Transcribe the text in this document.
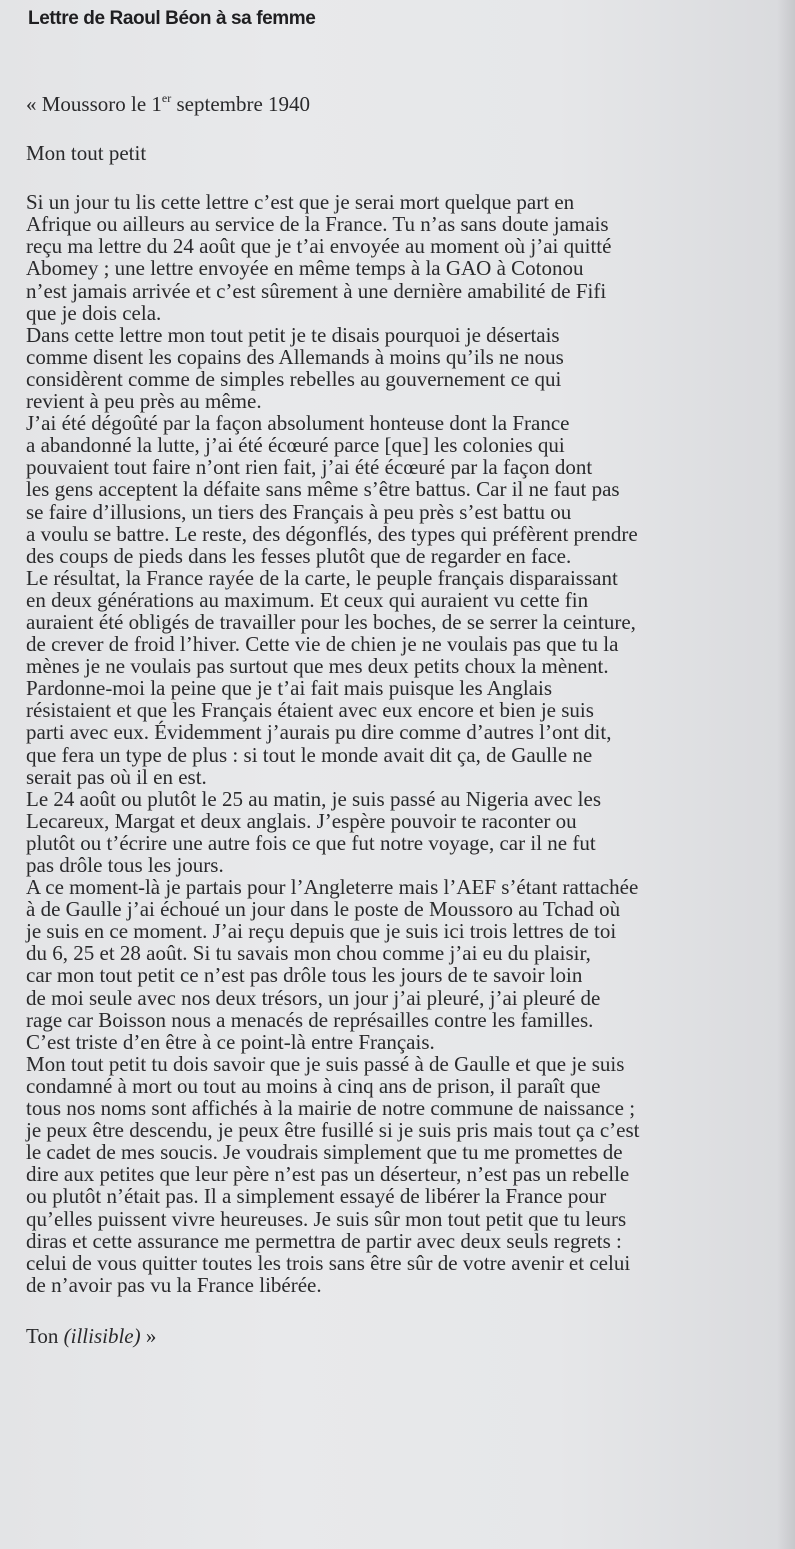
Lettre de Raoul Béon à sa femme
« Moussoro le 1er septembre 1940
Mon tout petit
Si un jour tu lis cette lettre c’est que je serai mort quelque part en
Afrique ou ailleurs au service de la France. Tu n’as sans doute jamais
reçu ma lettre du 24 août que je t’ai envoyée au moment où j’ai quitté
Abomey ; une lettre envoyée en même temps à la GAO à Cotonou
n’est jamais arrivée et c’est sûrement à une dernière amabilité de Fifi
que je dois cela.
Dans cette lettre mon tout petit je te disais pourquoi je désertais
comme disent les copains des Allemands à moins qu’ils ne nous
considèrent comme de simples rebelles au gouvernement ce qui
revient à peu près au même.
J’ai été dégoûté par la façon absolument honteuse dont la France
a abandonné la lutte, j’ai été écœuré parce [que] les colonies qui
pouvaient tout faire n’ont rien fait, j’ai été écœuré par la façon dont
les gens acceptent la défaite sans même s’être battus. Car il ne faut pas
se faire d’illusions, un tiers des Français à peu près s’est battu ou
a voulu se battre. Le reste, des dégonflés, des types qui préfèrent prendre
des coups de pieds dans les fesses plutôt que de regarder en face.
Le résultat, la France rayée de la carte, le peuple français disparaissant
en deux générations au maximum. Et ceux qui auraient vu cette fin
auraient été obligés de travailler pour les boches, de se serrer la ceinture,
de crever de froid l’hiver. Cette vie de chien je ne voulais pas que tu la
mènes je ne voulais pas surtout que mes deux petits choux la mènent.
Pardonne-moi la peine que je t’ai fait mais puisque les Anglais
résistaient et que les Français étaient avec eux encore et bien je suis
parti avec eux. Évidemment j’aurais pu dire comme d’autres l’ont dit,
que fera un type de plus : si tout le monde avait dit ça, de Gaulle ne
serait pas où il en est.
Le 24 août ou plutôt le 25 au matin, je suis passé au Nigeria avec les
Lecareux, Margat et deux anglais. J’espère pouvoir te raconter ou
plutôt ou t’écrire une autre fois ce que fut notre voyage, car il ne fut
pas drôle tous les jours.
A ce moment-là je partais pour l’Angleterre mais l’AEF s’étant rattachée
à de Gaulle j’ai échoué un jour dans le poste de Moussoro au Tchad où
je suis en ce moment. J’ai reçu depuis que je suis ici trois lettres de toi
du 6, 25 et 28 août. Si tu savais mon chou comme j’ai eu du plaisir,
car mon tout petit ce n’est pas drôle tous les jours de te savoir loin
de moi seule avec nos deux trésors, un jour j’ai pleuré, j’ai pleuré de
rage car Boisson nous a menacés de représailles contre les familles.
C’est triste d’en être à ce point-là entre Français.
Mon tout petit tu dois savoir que je suis passé à de Gaulle et que je suis
condamné à mort ou tout au moins à cinq ans de prison, il paraît que
tous nos noms sont affichés à la mairie de notre commune de naissance ;
je peux être descendu, je peux être fusillé si je suis pris mais tout ça c’est
le cadet de mes soucis. Je voudrais simplement que tu me promettes de
dire aux petites que leur père n’est pas un déserteur, n’est pas un rebelle
ou plutôt n’était pas. Il a simplement essayé de libérer la France pour
qu’elles puissent vivre heureuses. Je suis sûr mon tout petit que tu leurs
diras et cette assurance me permettra de partir avec deux seuls regrets :
celui de vous quitter toutes les trois sans être sûr de votre avenir et celui
de n’avoir pas vu la France libérée.
Ton (illisible) »
